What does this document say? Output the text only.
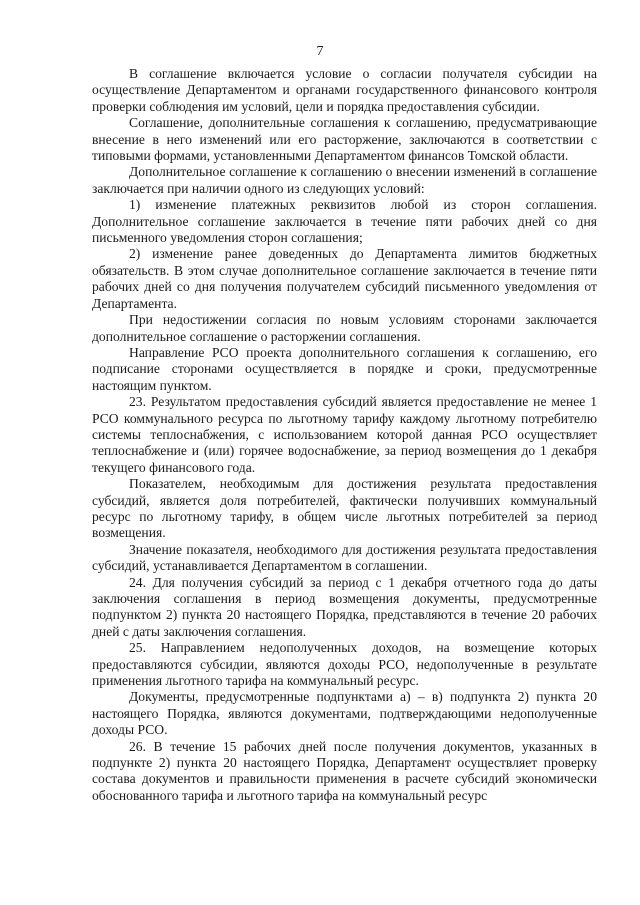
7

В соглашение включается условие о согласии получателя субсидии на осуществление Департаментом и органами государственного финансового контроля проверки соблюдения им условий, цели и порядка предоставления субсидии.

Соглашение, дополнительные соглашения к соглашению, предусматривающие внесение в него изменений или его расторжение, заключаются в соответствии с типовыми формами, установленными Департаментом финансов Томской области.

Дополнительное соглашение к соглашению о внесении изменений в соглашение заключается при наличии одного из следующих условий:

1) изменение платежных реквизитов любой из сторон соглашения. Дополнительное соглашение заключается в течение пяти рабочих дней со дня письменного уведомления сторон соглашения;

2) изменение ранее доведенных до Департамента лимитов бюджетных обязательств. В этом случае дополнительное соглашение заключается в течение пяти рабочих дней со дня получения получателем субсидий письменного уведомления от Департамента.

При недостижении согласия по новым условиям сторонами заключается дополнительное соглашение о расторжении соглашения.

Направление РСО проекта дополнительного соглашения к соглашению, его подписание сторонами осуществляется в порядке и сроки, предусмотренные настоящим пунктом.

23. Результатом предоставления субсидий является предоставление не менее 1 РСО коммунального ресурса по льготному тарифу каждому льготному потребителю системы теплоснабжения, с использованием которой данная РСО осуществляет теплоснабжение и (или) горячее водоснабжение, за период возмещения до 1 декабря текущего финансового года.

Показателем, необходимым для достижения результата предоставления субсидий, является доля потребителей, фактически получивших коммунальный ресурс по льготному тарифу, в общем числе льготных потребителей за период возмещения.

Значение показателя, необходимого для достижения результата предоставления субсидий, устанавливается Департаментом в соглашении.

24. Для получения субсидий за период с 1 декабря отчетного года до даты заключения соглашения в период возмещения документы, предусмотренные подпунктом 2) пункта 20 настоящего Порядка, представляются в течение 20 рабочих дней с даты заключения соглашения.

25. Направлением недополученных доходов, на возмещение которых предоставляются субсидии, являются доходы РСО, недополученные в результате применения льготного тарифа на коммунальный ресурс.

Документы, предусмотренные подпунктами а) – в) подпункта 2) пункта 20 настоящего Порядка, являются документами, подтверждающими недополученные доходы РСО.

26. В течение 15 рабочих дней после получения документов, указанных в подпункте 2) пункта 20 настоящего Порядка, Департамент осуществляет проверку состава документов и правильности применения в расчете субсидий экономически обоснованного тарифа и льготного тарифа на коммунальный ресурс
